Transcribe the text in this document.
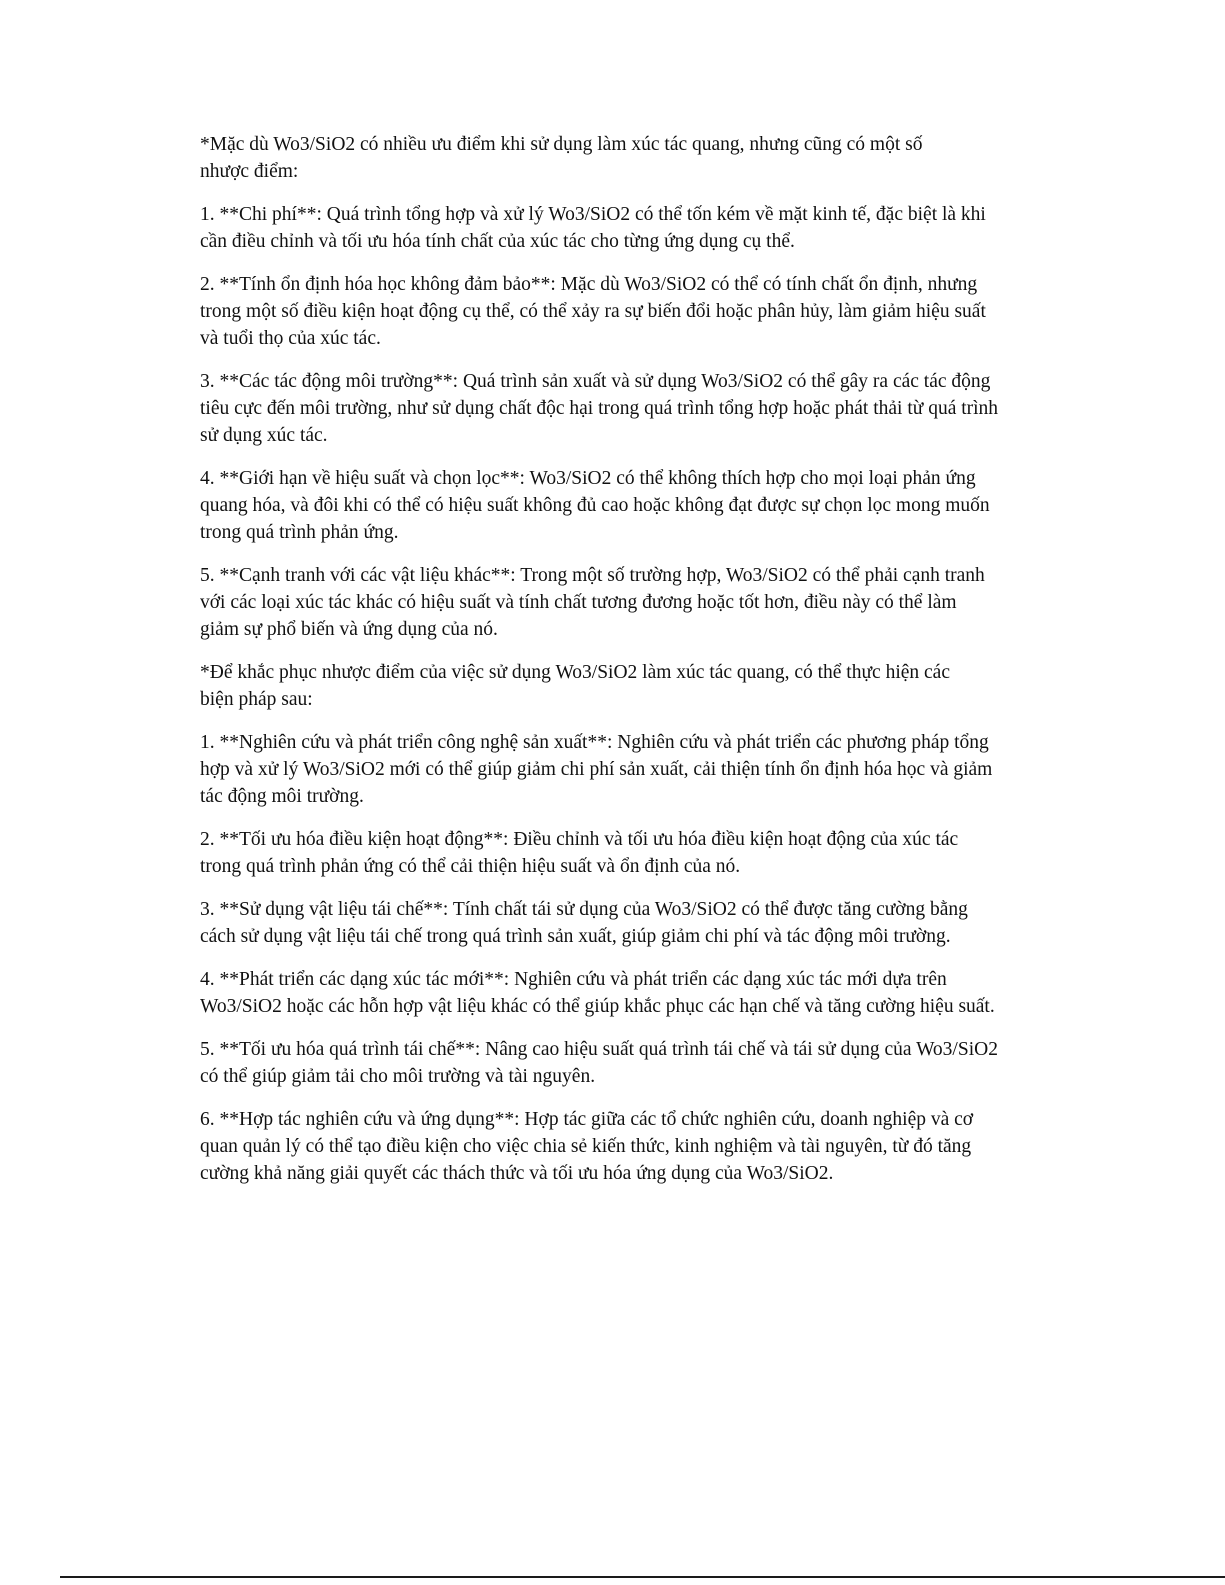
*Mặc dù Wo3/SiO2 có nhiều ưu điểm khi sử dụng làm xúc tác quang, nhưng cũng có một số
nhược điểm:

1. **Chi phí**: Quá trình tổng hợp và xử lý Wo3/SiO2 có thể tốn kém về mặt kinh tế, đặc biệt là khi
cần điều chỉnh và tối ưu hóa tính chất của xúc tác cho từng ứng dụng cụ thể.

2. **Tính ổn định hóa học không đảm bảo**: Mặc dù Wo3/SiO2 có thể có tính chất ổn định, nhưng
trong một số điều kiện hoạt động cụ thể, có thể xảy ra sự biến đổi hoặc phân hủy, làm giảm hiệu suất
và tuổi thọ của xúc tác.

3. **Các tác động môi trường**: Quá trình sản xuất và sử dụng Wo3/SiO2 có thể gây ra các tác động
tiêu cực đến môi trường, như sử dụng chất độc hại trong quá trình tổng hợp hoặc phát thải từ quá trình
sử dụng xúc tác.

4. **Giới hạn về hiệu suất và chọn lọc**: Wo3/SiO2 có thể không thích hợp cho mọi loại phản ứng
quang hóa, và đôi khi có thể có hiệu suất không đủ cao hoặc không đạt được sự chọn lọc mong muốn
trong quá trình phản ứng.

5. **Cạnh tranh với các vật liệu khác**: Trong một số trường hợp, Wo3/SiO2 có thể phải cạnh tranh
với các loại xúc tác khác có hiệu suất và tính chất tương đương hoặc tốt hơn, điều này có thể làm
giảm sự phổ biến và ứng dụng của nó.

*Để khắc phục nhược điểm của việc sử dụng Wo3/SiO2 làm xúc tác quang, có thể thực hiện các
biện pháp sau:

1. **Nghiên cứu và phát triển công nghệ sản xuất**: Nghiên cứu và phát triển các phương pháp tổng
hợp và xử lý Wo3/SiO2 mới có thể giúp giảm chi phí sản xuất, cải thiện tính ổn định hóa học và giảm
tác động môi trường.

2. **Tối ưu hóa điều kiện hoạt động**: Điều chỉnh và tối ưu hóa điều kiện hoạt động của xúc tác
trong quá trình phản ứng có thể cải thiện hiệu suất và ổn định của nó.

3. **Sử dụng vật liệu tái chế**: Tính chất tái sử dụng của Wo3/SiO2 có thể được tăng cường bằng
cách sử dụng vật liệu tái chế trong quá trình sản xuất, giúp giảm chi phí và tác động môi trường.

4. **Phát triển các dạng xúc tác mới**: Nghiên cứu và phát triển các dạng xúc tác mới dựa trên
Wo3/SiO2 hoặc các hỗn hợp vật liệu khác có thể giúp khắc phục các hạn chế và tăng cường hiệu suất.

5. **Tối ưu hóa quá trình tái chế**: Nâng cao hiệu suất quá trình tái chế và tái sử dụng của Wo3/SiO2
có thể giúp giảm tải cho môi trường và tài nguyên.

6. **Hợp tác nghiên cứu và ứng dụng**: Hợp tác giữa các tổ chức nghiên cứu, doanh nghiệp và cơ
quan quản lý có thể tạo điều kiện cho việc chia sẻ kiến thức, kinh nghiệm và tài nguyên, từ đó tăng
cường khả năng giải quyết các thách thức và tối ưu hóa ứng dụng của Wo3/SiO2.
